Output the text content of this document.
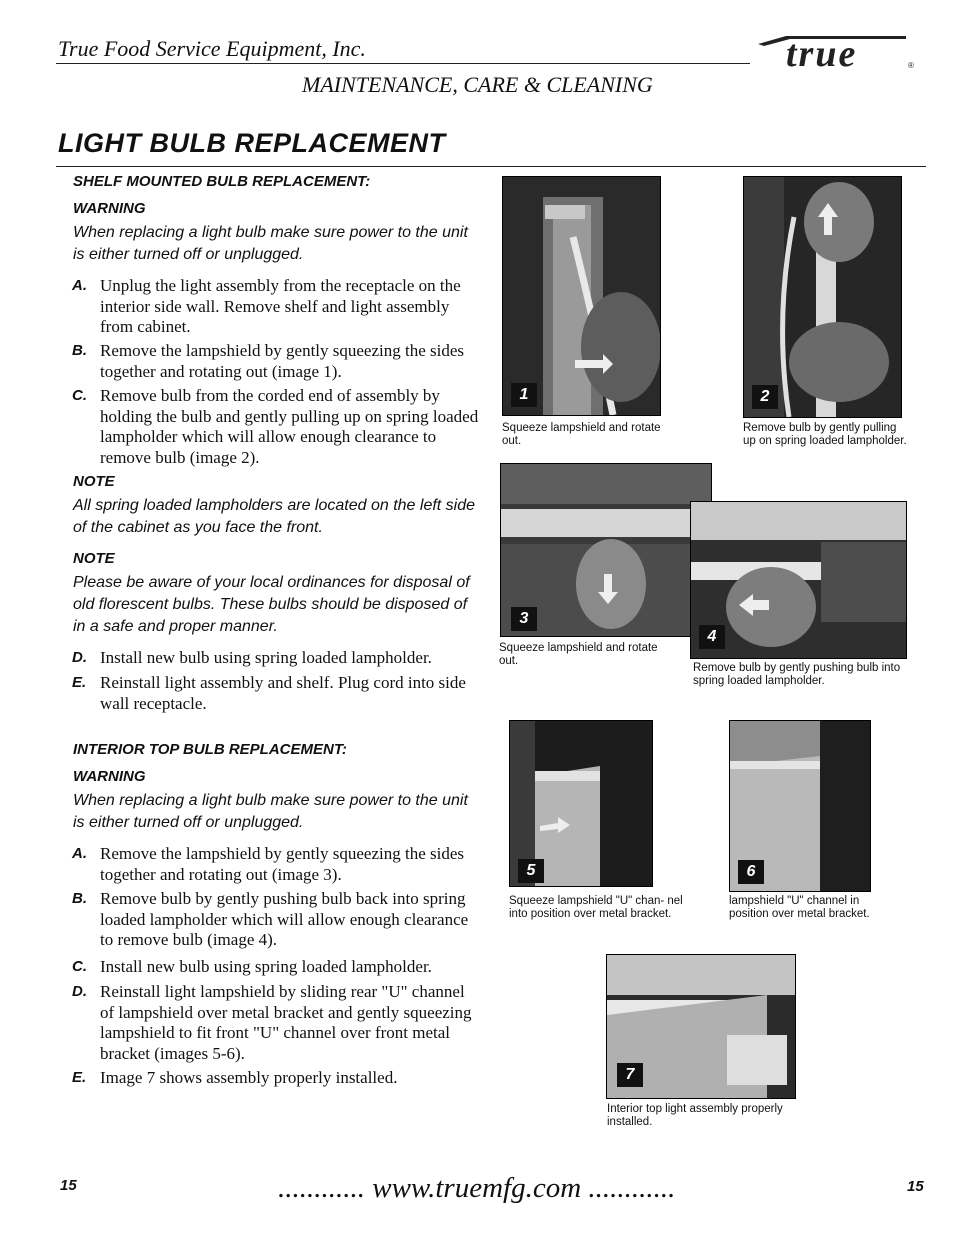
True Food Service Equipment, Inc.
MAINTENANCE, CARE & CLEANING
true	®
LIGHT BULB REPLACEMENT
SHELF MOUNTED BULB REPLACEMENT:
WARNING
When replacing a light bulb make sure power to the unit is either turned off or unplugged.
A. Unplug the light assembly from the receptacle on the interior side wall. Remove shelf and light assembly from cabinet.
B. Remove the lampshield by gently squeezing the sides together and rotating out (image 1).
C. Remove bulb from the corded end of assembly by holding the bulb and gently pulling up on spring loaded lampholder which will allow enough clearance to remove bulb (image 2).
NOTE
All spring loaded lampholders are located on the left side of the cabinet as you face the front.
NOTE
Please be aware of your local ordinances for disposal of old florescent bulbs. These bulbs should be disposed of in a safe and proper manner.
D. Install new bulb using spring loaded lampholder.
E. Reinstall light assembly and shelf. Plug cord into side wall receptacle.
INTERIOR TOP BULB REPLACEMENT:
WARNING
When replacing a light bulb make sure power to the unit is either turned off or unplugged.
A. Remove the lampshield by gently squeezing the sides together and rotating out (image 3).
B. Remove bulb by gently pushing bulb back into spring loaded lampholder which will allow enough clearance to remove bulb (image 4).
C. Install new bulb using spring loaded lampholder.
D. Reinstall light lampshield by sliding rear "U" channel of lampshield over metal bracket and gently squeezing lampshield to fit front "U" channel over front metal bracket (images 5-6).
E. Image 7 shows assembly properly installed.
1
Squeeze lampshield and rotate out.
2
Remove bulb by gently pulling up on spring loaded lampholder.
3
Squeeze lampshield and rotate out.
4
Remove bulb by gently pushing bulb into spring loaded lampholder.
5
Squeeze lampshield "U" chan- nel into position over metal bracket.
6
lampshield "U" channel in position over metal bracket.
7
Interior top light assembly properly installed.
15	............ www.truemfg.com ............	15
